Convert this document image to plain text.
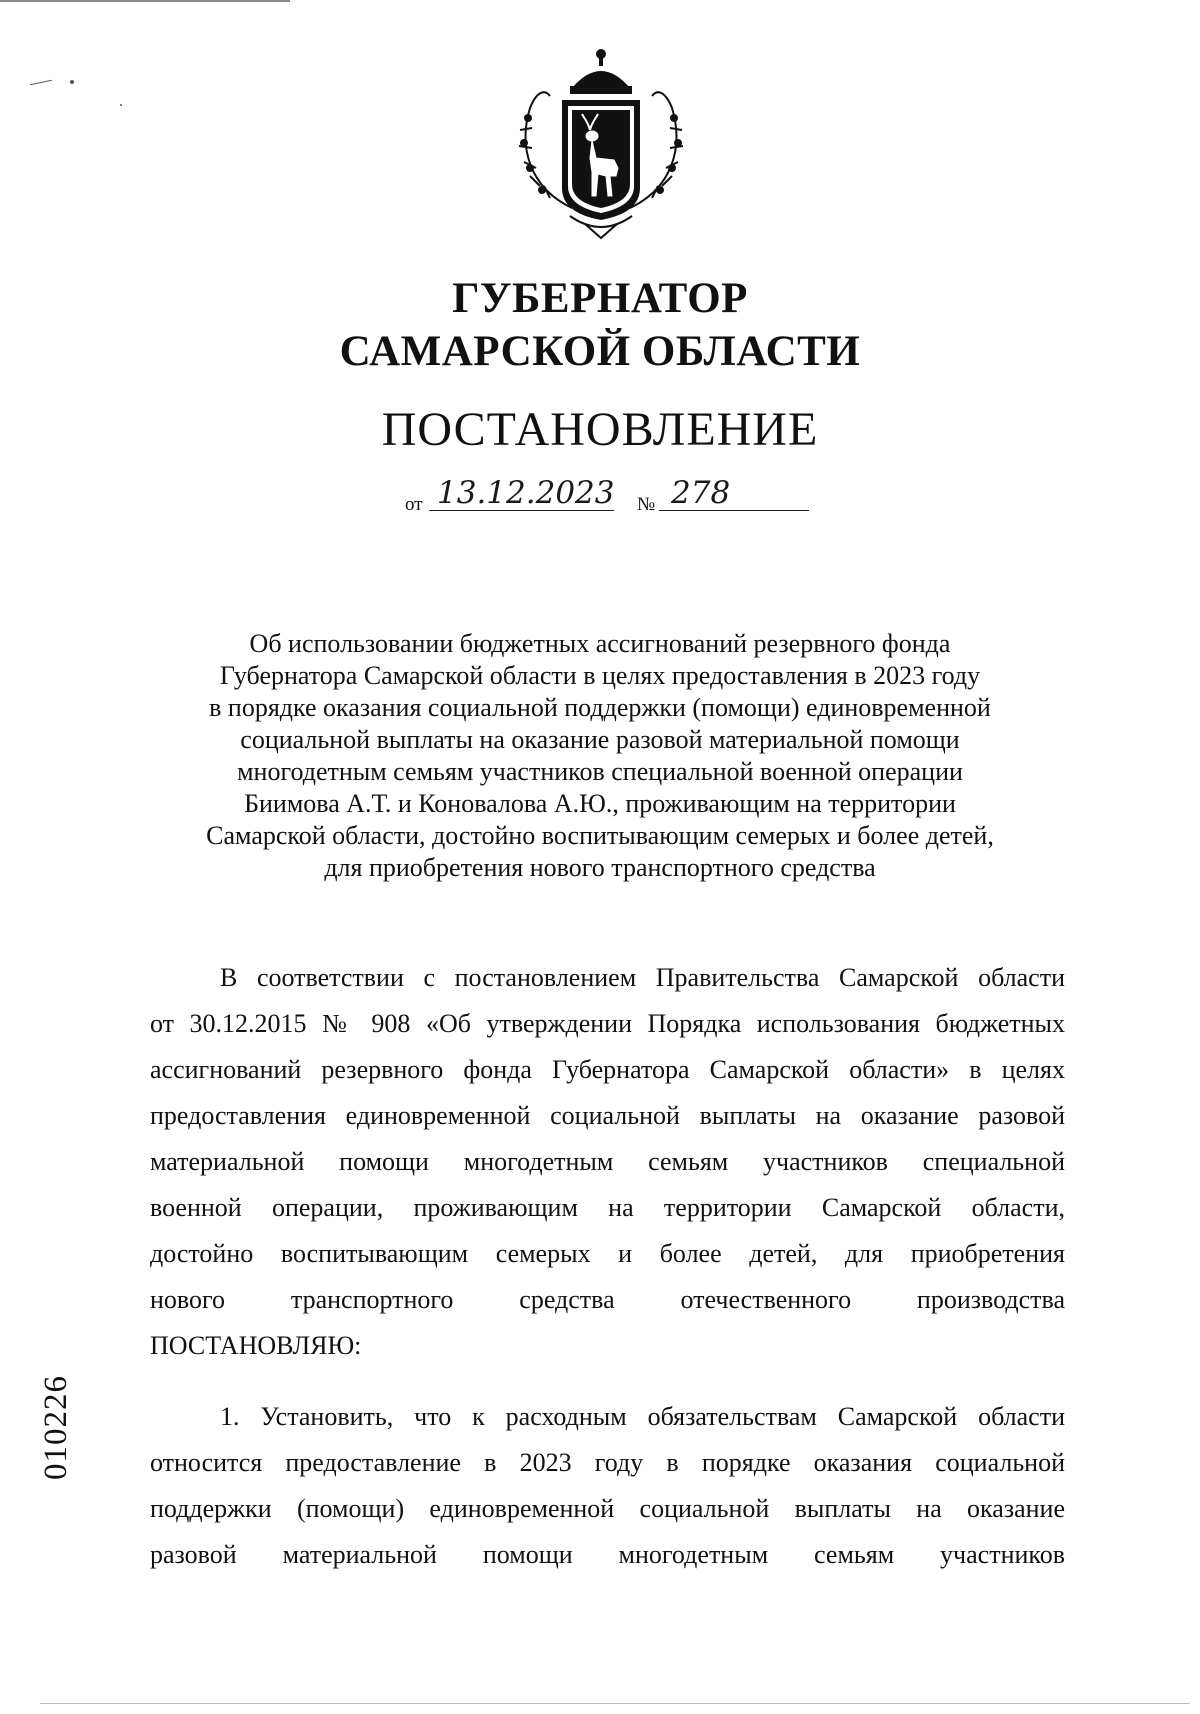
ГУБЕРНАТОР
САМАРСКОЙ ОБЛАСТИ
ПОСТАНОВЛЕНИЕ
от 13.12.2023 № 278
Об использовании бюджетных ассигнований резервного фонда
Губернатора Самарской области в целях предоставления в 2023 году
в порядке оказания социальной поддержки (помощи) единовременной
социальной выплаты на оказание разовой материальной помощи
многодетным семьям участников специальной военной операции
Биимова А.Т. и Коновалова А.Ю., проживающим на территории
Самарской области, достойно воспитывающим семерых и более детей,
для приобретения нового транспортного средства
В соответствии с постановлением Правительства Самарской области
от 30.12.2015 № 908 «Об утверждении Порядка использования бюджетных
ассигнований резервного фонда Губернатора Самарской области» в целях
предоставления единовременной социальной выплаты на оказание разовой
материальной помощи многодетным семьям участников специальной
военной операции, проживающим на территории Самарской области,
достойно воспитывающим семерых и более детей, для приобретения
нового транспортного средства отечественного производства
ПОСТАНОВЛЯЮ:
1. Установить, что к расходным обязательствам Самарской области
относится предоставление в 2023 году в порядке оказания социальной
поддержки (помощи) единовременной социальной выплаты на оказание
разовой материальной помощи многодетным семьям участников
010226
